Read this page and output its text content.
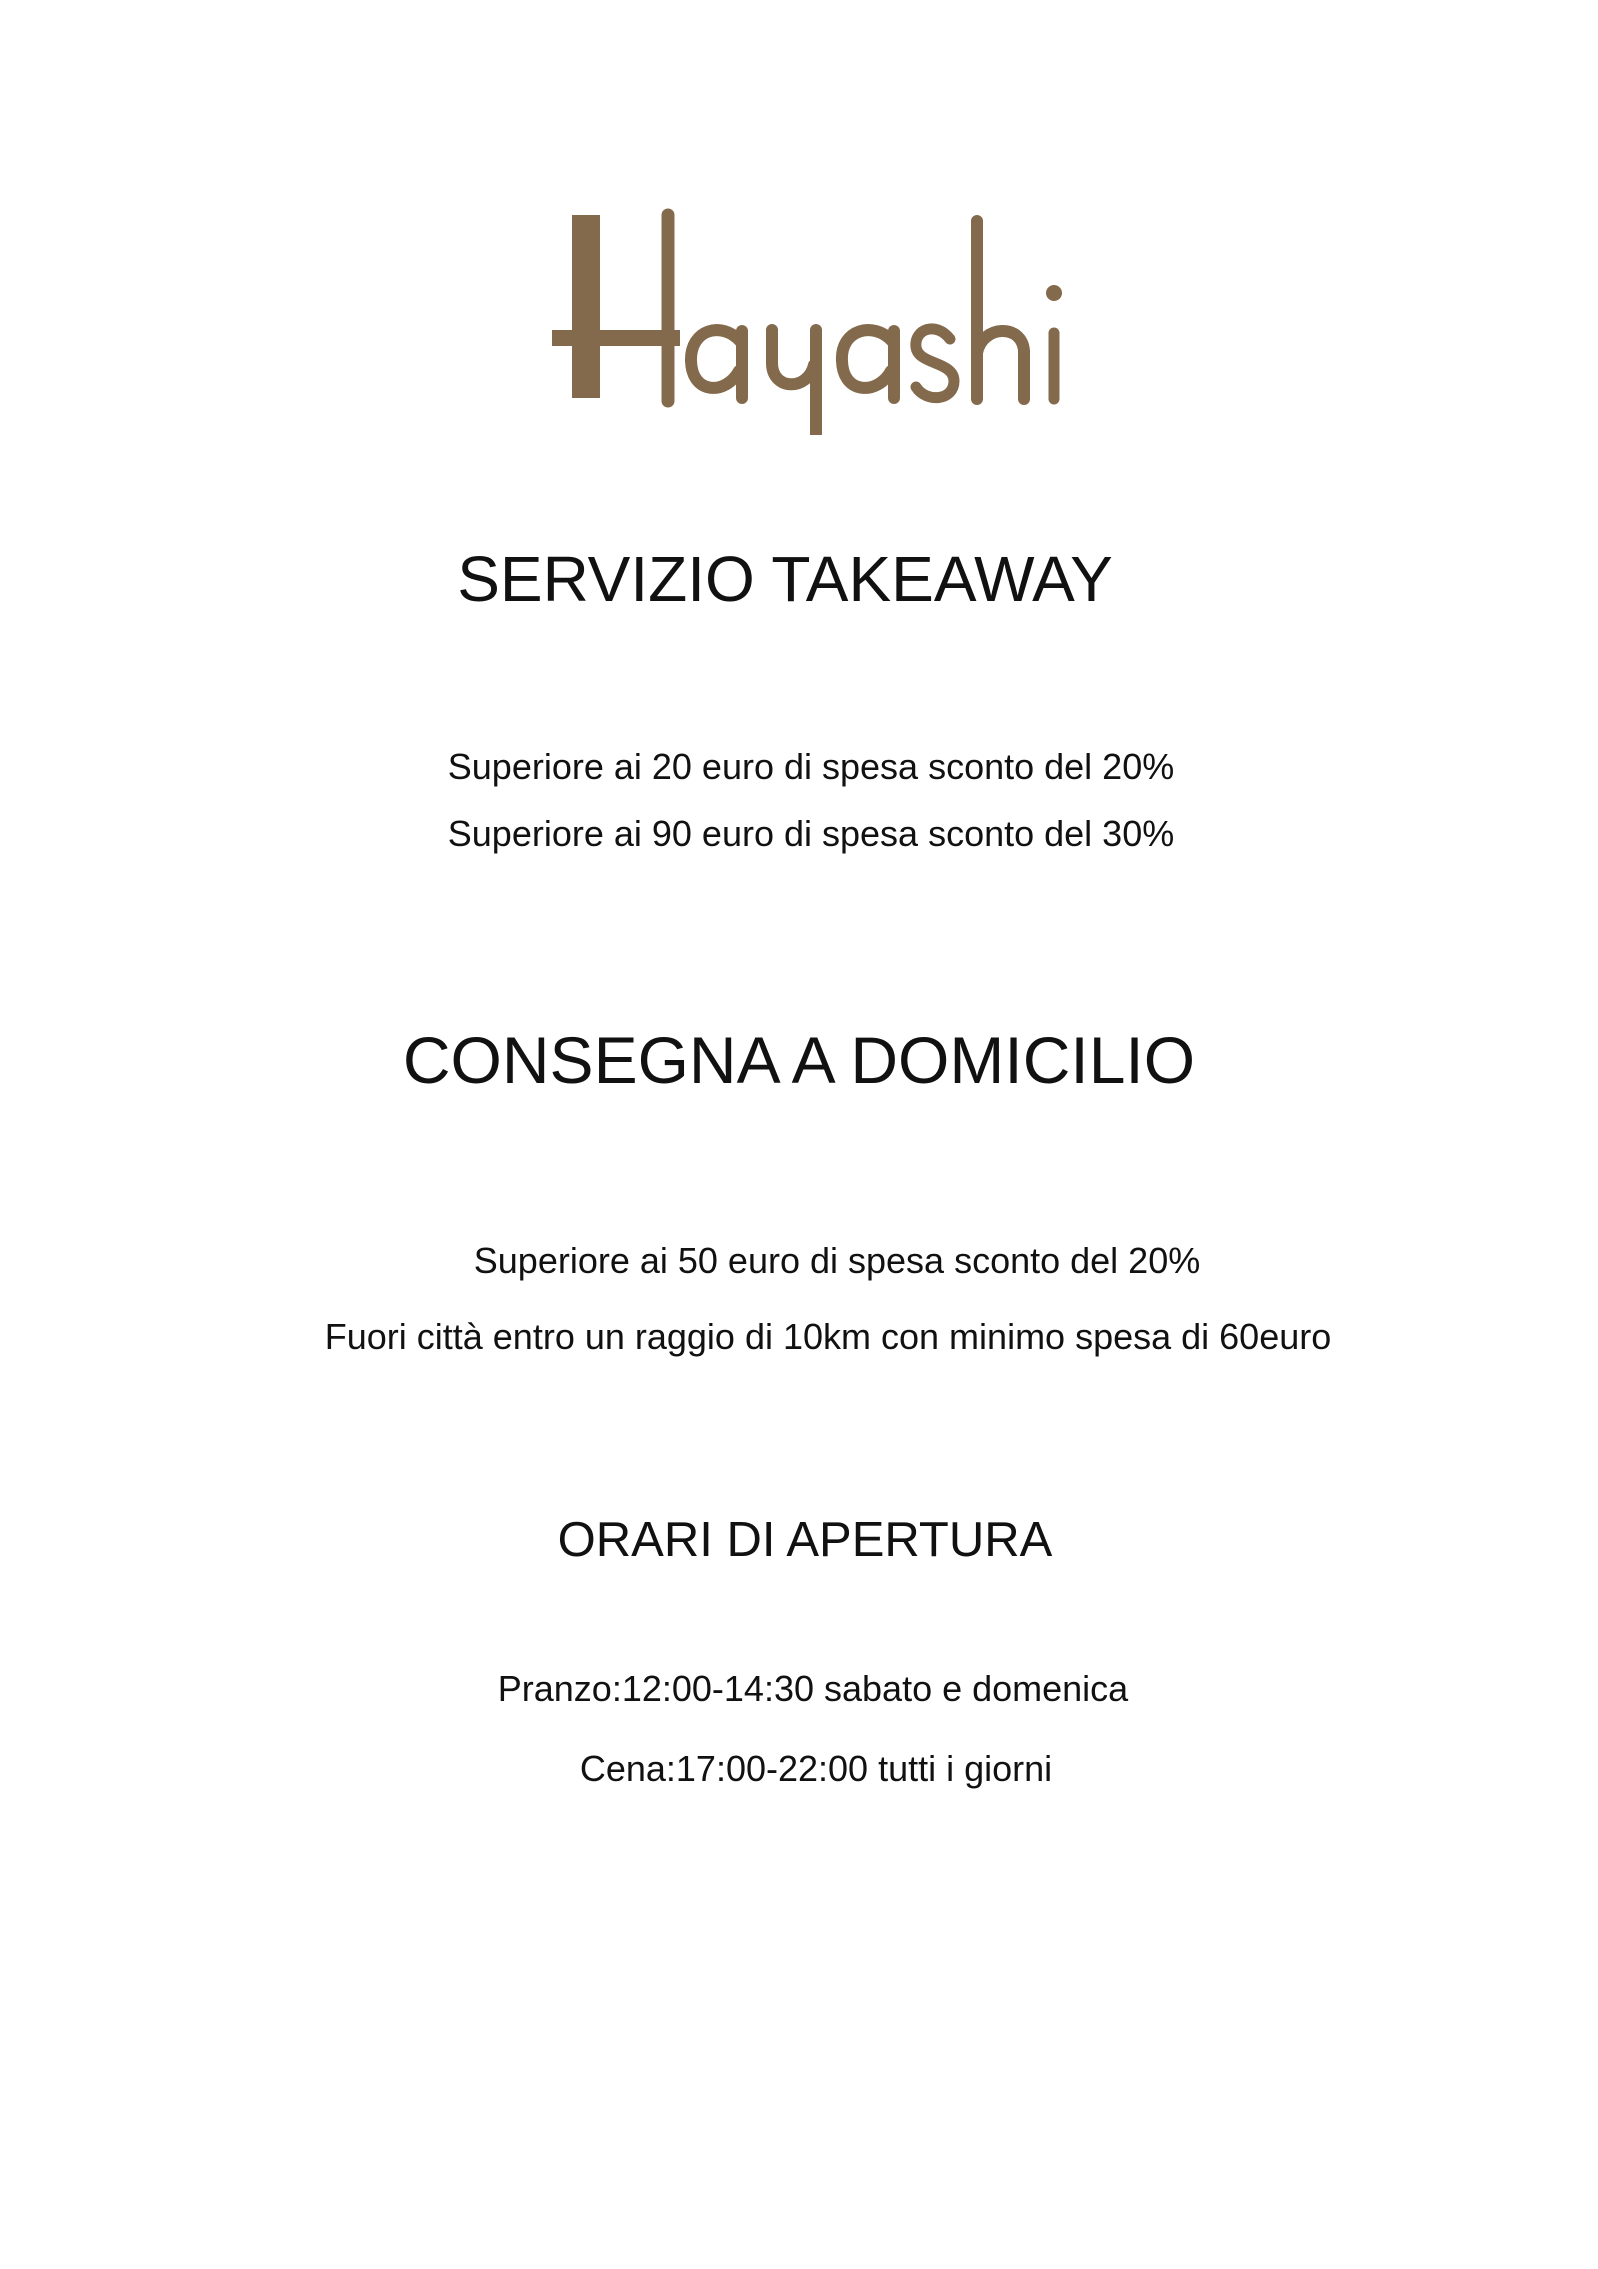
SERVIZIO TAKEAWAY

Superiore ai 20 euro di spesa sconto del 20%

Superiore ai 90 euro di spesa sconto del 30%

CONSEGNA A DOMICILIO

Superiore ai 50 euro di spesa sconto del 20%

Fuori città entro un raggio di 10km con minimo spesa di 60euro

ORARI DI APERTURA

Pranzo:12:00-14:30 sabato e domenica

Cena:17:00-22:00 tutti i giorni
